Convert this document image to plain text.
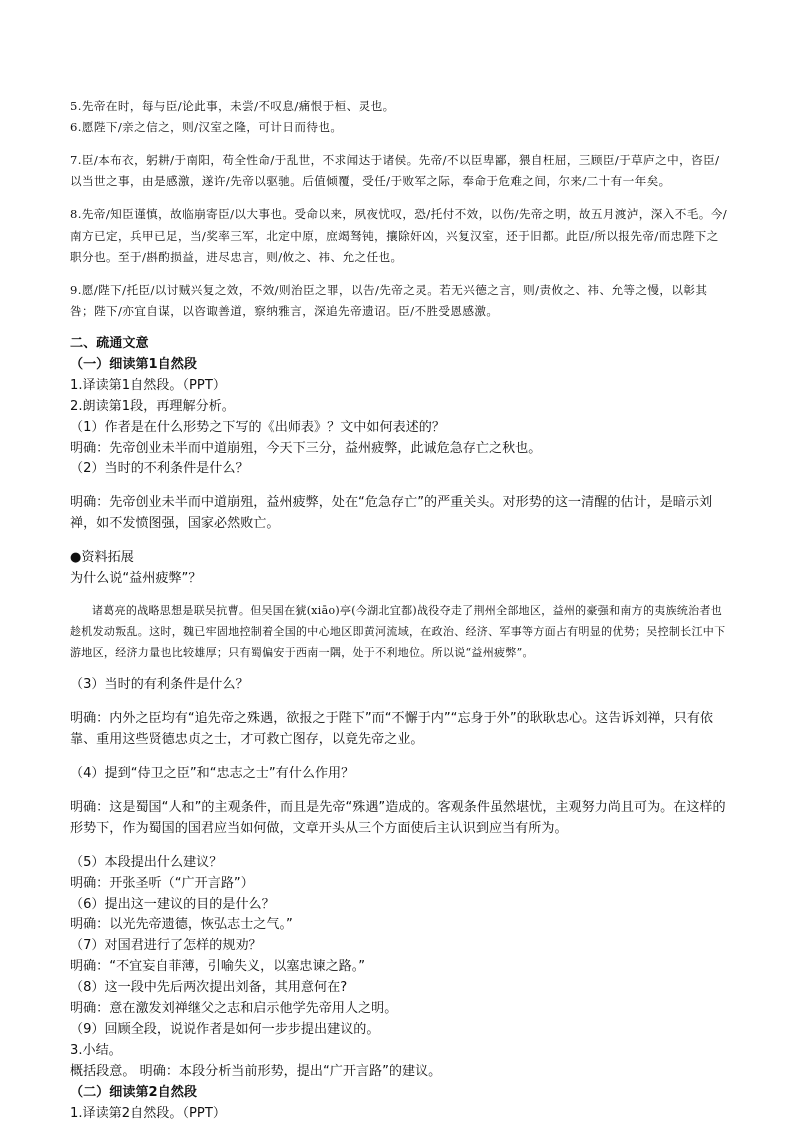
5.先帝在时，每与臣/论此事，未尝/不叹息/痛恨于桓、灵也。

6.愿陛下/亲之信之，则/汉室之隆，可计日而待也。

7.臣/本布衣，躬耕/于南阳，苟全性命/于乱世，不求闻达于诸侯。先帝/不以臣卑鄙，猥自枉屈，三顾臣/于草庐之中，咨臣/以当世之事，由是感激，遂许/先帝以驱驰。后值倾覆，受任/于败军之际，奉命于危难之间，尔来/二十有一年矣。

8.先帝/知臣谨慎，故临崩寄臣/以大事也。受命以来，夙夜忧叹，恐/托付不效，以伤/先帝之明，故五月渡泸，深入不毛。今/南方已定，兵甲已足，当/奖率三军，北定中原，庶竭驽钝，攘除奸凶，兴复汉室，还于旧都。此臣/所以报先帝/而忠陛下之职分也。至于/斟酌损益，进尽忠言，则/攸之、祎、允之任也。

9.愿/陛下/托臣/以讨贼兴复之效，不效/则治臣之罪，以告/先帝之灵。若无兴德之言，则/责攸之、祎、允等之慢，以彰其咎；陛下/亦宜自谋，以咨诹善道，察纳雅言，深追先帝遗诏。臣/不胜受恩感激。

二、疏通文意

（一）细读第1自然段

1.译读第1自然段。（PPT）

2.朗读第1段，再理解分析。

（1）作者是在什么形势之下写的《出师表》？文中如何表述的？

明确：先帝创业未半而中道崩殂，今天下三分，益州疲弊，此诚危急存亡之秋也。

（2）当时的不利条件是什么？

明确：先帝创业未半而中道崩殂，益州疲弊，处在“危急存亡”的严重关头。对形势的这一清醒的估计，是暗示刘禅，如不发愤图强，国家必然败亡。

●资料拓展

为什么说“益州疲弊”？

诸葛亮的战略思想是联吴抗曹。但吴国在猇(xiāo)亭(今湖北宜都)战役夺走了荆州全部地区，益州的豪强和南方的夷族统治者也趁机发动叛乱。这时，魏已牢固地控制着全国的中心地区即黄河流域，在政治、经济、军事等方面占有明显的优势；吴控制长江中下游地区，经济力量也比较雄厚；只有蜀偏安于西南一隅，处于不利地位。所以说“益州疲弊”。

（3）当时的有利条件是什么？

明确：内外之臣均有“追先帝之殊遇，欲报之于陛下”而“不懈于内”“忘身于外”的耿耿忠心。这告诉刘禅，只有依靠、重用这些贤德忠贞之士，才可救亡图存，以竟先帝之业。

（4）提到“侍卫之臣”和“忠志之士”有什么作用？

明确：这是蜀国“人和”的主观条件，而且是先帝“殊遇”造成的。客观条件虽然堪忧，主观努力尚且可为。在这样的形势下，作为蜀国的国君应当如何做，文章开头从三个方面使后主认识到应当有所为。

（5）本段提出什么建议？

明确：开张圣听（“广开言路”）

（6）提出这一建议的目的是什么？

明确：以光先帝遗德，恢弘志士之气。”

（7）对国君进行了怎样的规劝？

明确：“不宜妄自菲薄，引喻失义，以塞忠谏之路。”

（8）这一段中先后两次提出刘备，其用意何在?

明确：意在激发刘禅继父之志和启示他学先帝用人之明。

（9）回顾全段，说说作者是如何一步步提出建议的。

3.小结。

概括段意。 明确：本段分析当前形势，提出“广开言路”的建议。

（二）细读第2自然段

1.译读第2自然段。（PPT）
